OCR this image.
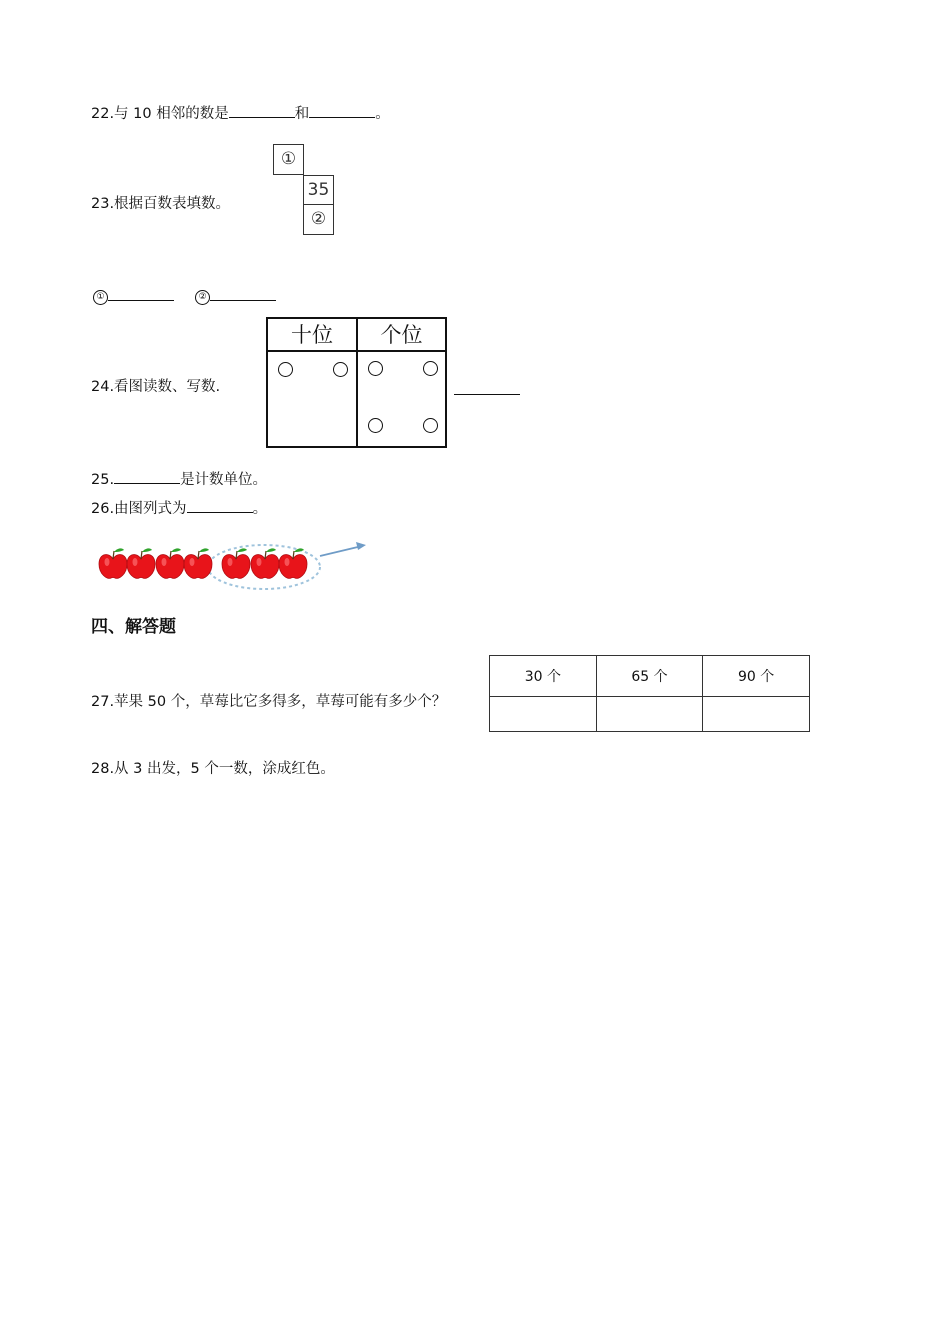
22.与 10 相邻的数是	和	。
23.根据百数表填数。
①
35
②
①	②
24.看图读数、写数.
十位	个位
25.	是计数单位。
26.由图列式为	。
四、解答题
27.苹果 50 个，草莓比它多得多，草莓可能有多少个？
30 个	65 个	90 个

28.从 3 出发，5 个一数，涂成红色。
